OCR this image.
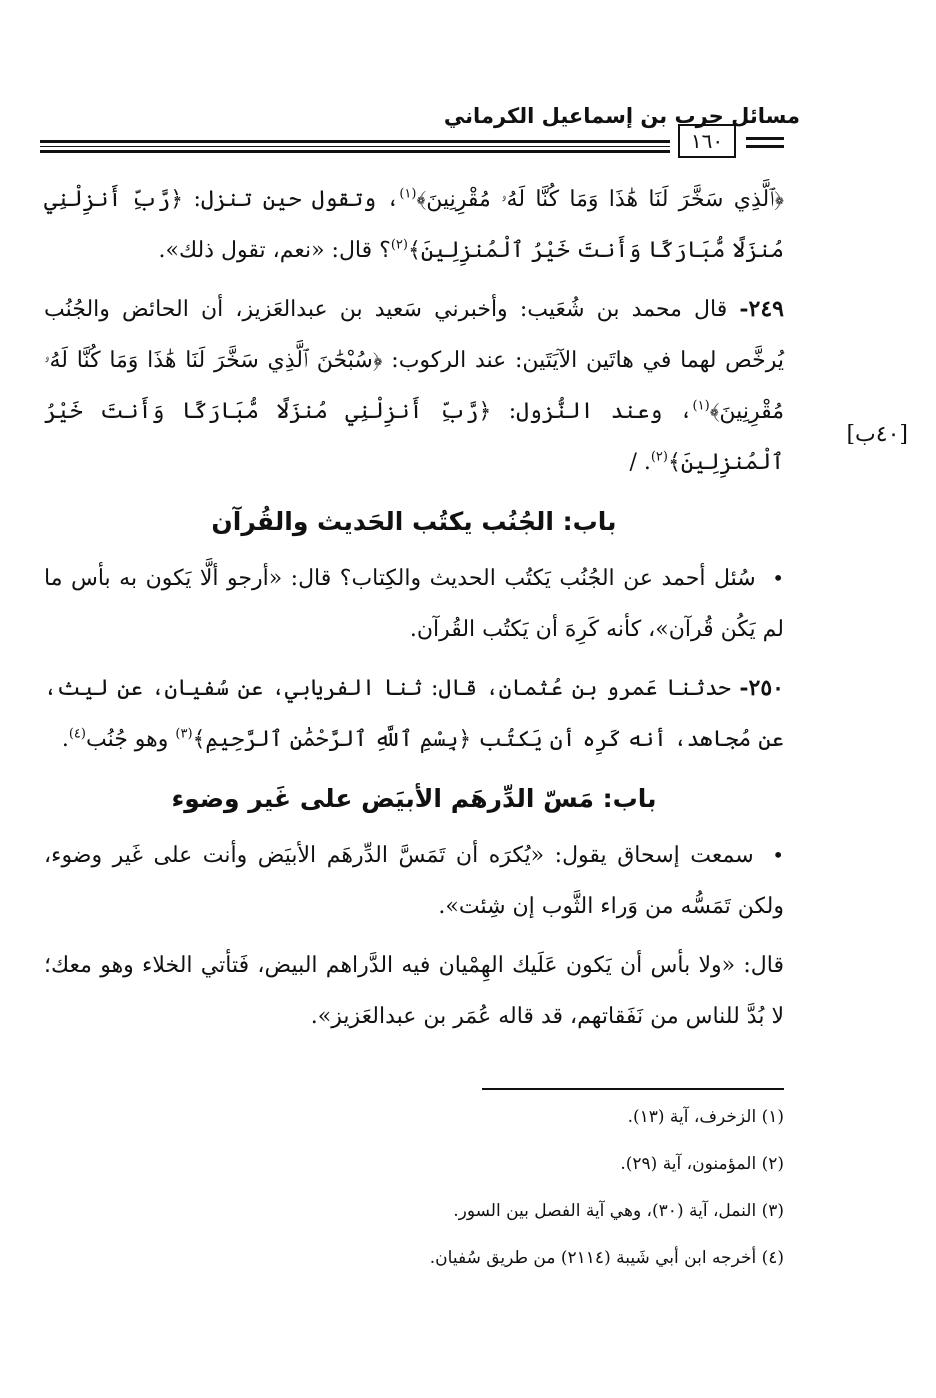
مسائل حرب بن إسماعيل الكرماني
١٦٠
[٤٠ب]

﴿ٱلَّذِي سَخَّرَ لَنَا هَٰذَا وَمَا كُنَّا لَهُۥ مُقْرِنِينَ﴾$^{(١)}$، وتقول حين تنزل: ﴿رَّبِّ أَنزِلْنِي مُنزَلًا مُّبَارَكًا وَأَنتَ خَيْرُ ٱلْمُنزِلِينَ﴾$^{(٢)}$؟ قال: «نعم، تقول ذلك».

٢٤٩- قال محمد بن شُعَيب: وأخبرني سَعيد بن عبدالعَزيز، أن الحائض والجُنُب يُرخَّص لهما في هاتَين الآيَتَين: عند الركوب: ﴿سُبْحَٰنَ ٱلَّذِي سَخَّرَ لَنَا هَٰذَا وَمَا كُنَّا لَهُۥ مُقْرِنِينَ﴾$^{(١)}$، وعند النُّزول: ﴿رَّبِّ أَنزِلْنِي مُنزَلًا مُّبَارَكًا وَأَنتَ خَيْرُ ٱلْمُنزِلِينَ﴾$^{(٢)}$. /

باب: الجُنُب يكتُب الحَديث والقُرآن

• سُئل أحمد عن الجُنُب يَكتُب الحديث والكِتاب؟ قال: «أرجو ألَّا يَكون به بأس ما لم يَكُن قُرآن»، كأنه كَرِهَ أن يَكتُب القُرآن.

٢٥٠- حدثنا عَمرو بن عُثمان، قال: ثنا الفريابي، عن سُفيان، عن ليث، عن مُجاهد، أنه كَرِه أن يَكتُب ﴿بِسْمِ ٱللَّهِ ٱلرَّحْمَٰنِ ٱلرَّحِيمِ﴾$^{(٣)}$ وهو جُنُب$^{(٤)}$.

باب: مَسّ الدِّرهَم الأبيَض على غَير وضوء

• سمعت إسحاق يقول: «يُكرَه أن تَمَسَّ الدِّرهَم الأبيَض وأنت على غَير وضوء، ولكن تَمَسُّه من وَراء الثَّوب إن شِئت».

قال: «ولا بأس أن يَكون عَلَيك الهِمْيان فيه الدَّراهم البيض، فَتأتي الخلاء وهو معك؛ لا بُدَّ للناس من نَفَقاتهم، قد قاله عُمَر بن عبدالعَزيز».

(١) الزخرف، آية (١٣).

(٢) المؤمنون، آية (٢٩).

(٣) النمل، آية (٣٠)، وهي آية الفصل بين السور.

(٤) أخرجه ابن أبي شَيبة (٢١١٤) من طريق سُفيان.
